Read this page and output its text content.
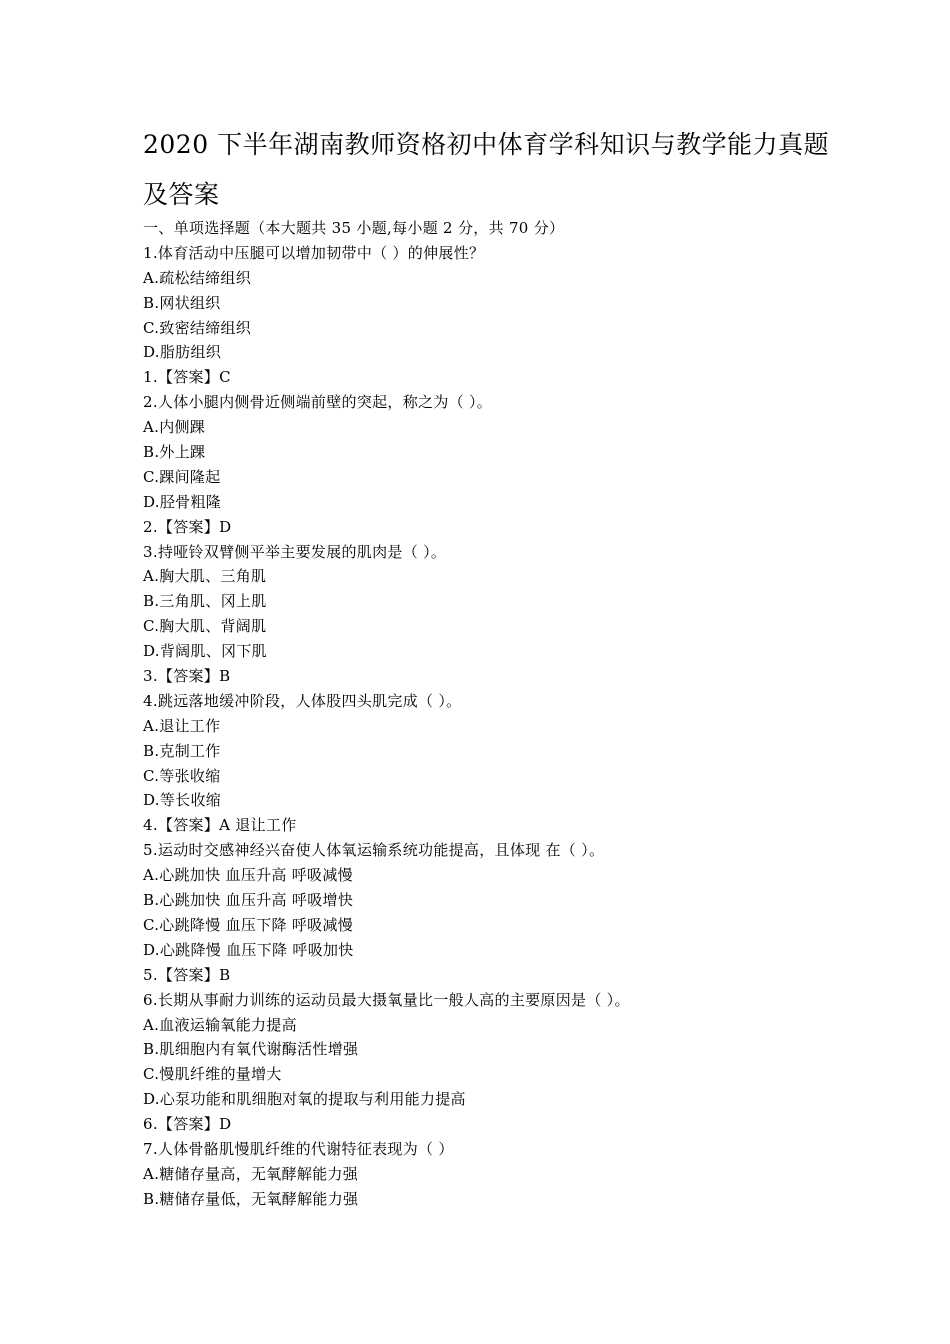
2020 下半年湖南教师资格初中体育学科知识与教学能力真题及答案
一、单项选择题（本大题共 35 小题,每小题 2 分，共 70 分）
1.体育活动中压腿可以增加韧带中（ ）的伸展性？
A.疏松结缔组织
B.网状组织
C.致密结缔组织
D.脂肪组织
1.【答案】C
2.人体小腿内侧骨近侧端前壁的突起，称之为（ ）。
A.内侧踝
B.外上踝
C.踝间隆起
D.胫骨粗隆
2.【答案】D
3.持哑铃双臂侧平举主要发展的肌肉是（ ）。
A.胸大肌、三角肌
B.三角肌、冈上肌
C.胸大肌、背阔肌
D.背阔肌、冈下肌
3.【答案】B
4.跳远落地缓冲阶段，人体股四头肌完成（ ）。
A.退让工作
B.克制工作
C.等张收缩
D.等长收缩
4.【答案】A 退让工作
5.运动时交感神经兴奋使人体氧运输系统功能提高，且体现 在（ ）。
A.心跳加快 血压升高 呼吸减慢
B.心跳加快 血压升高 呼吸增快
C.心跳降慢 血压下降 呼吸减慢
D.心跳降慢 血压下降 呼吸加快
5.【答案】B
6.长期从事耐力训练的运动员最大摄氧量比一般人高的主要原因是（ ）。
A.血液运输氧能力提高
B.肌细胞内有氧代谢酶活性增强
C.慢肌纤维的量增大
D.心泵功能和肌细胞对氧的提取与利用能力提高
6.【答案】D
7.人体骨骼肌慢肌纤维的代谢特征表现为（ ）
A.糖储存量高，无氧酵解能力强
B.糖储存量低，无氧酵解能力强
